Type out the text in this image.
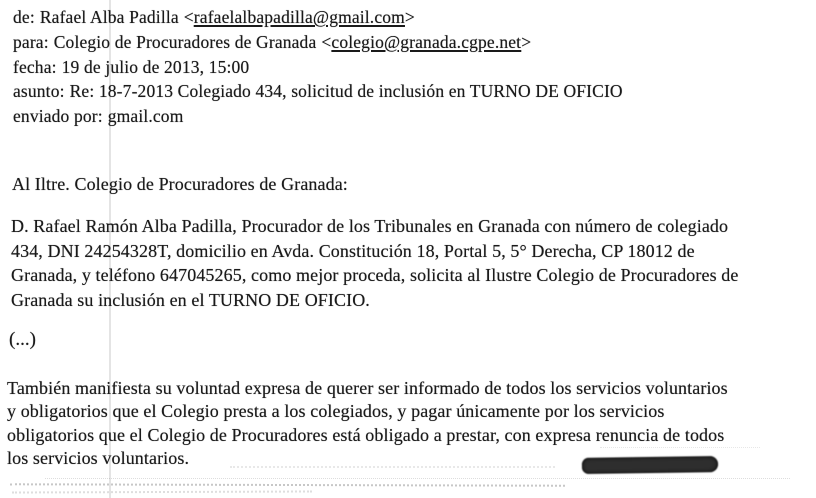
de: Rafael Alba Padilla <rafaelalbapadilla@gmail.com>
para: Colegio de Procuradores de Granada <colegio@granada.cgpe.net>
fecha: 19 de julio de 2013, 15:00
asunto: Re: 18-7-2013 Colegiado 434, solicitud de inclusión en TURNO DE OFICIO
enviado por: gmail.com
Al Iltre. Colegio de Procuradores de Granada:
D. Rafael Ramón Alba Padilla, Procurador de los Tribunales en Granada con número de colegiado
434, DNI 24254328T, domicilio en Avda. Constitución 18, Portal 5, 5° Derecha, CP 18012 de
Granada, y teléfono 647045265, como mejor proceda, solicita al Ilustre Colegio de Procuradores de
Granada su inclusión en el TURNO DE OFICIO.
(...)
También manifiesta su voluntad expresa de querer ser informado de todos los servicios voluntarios
y obligatorios que el Colegio presta a los colegiados, y pagar únicamente por los servicios
obligatorios que el Colegio de Procuradores está obligado a prestar, con expresa renuncia de todos
los servicios voluntarios.
